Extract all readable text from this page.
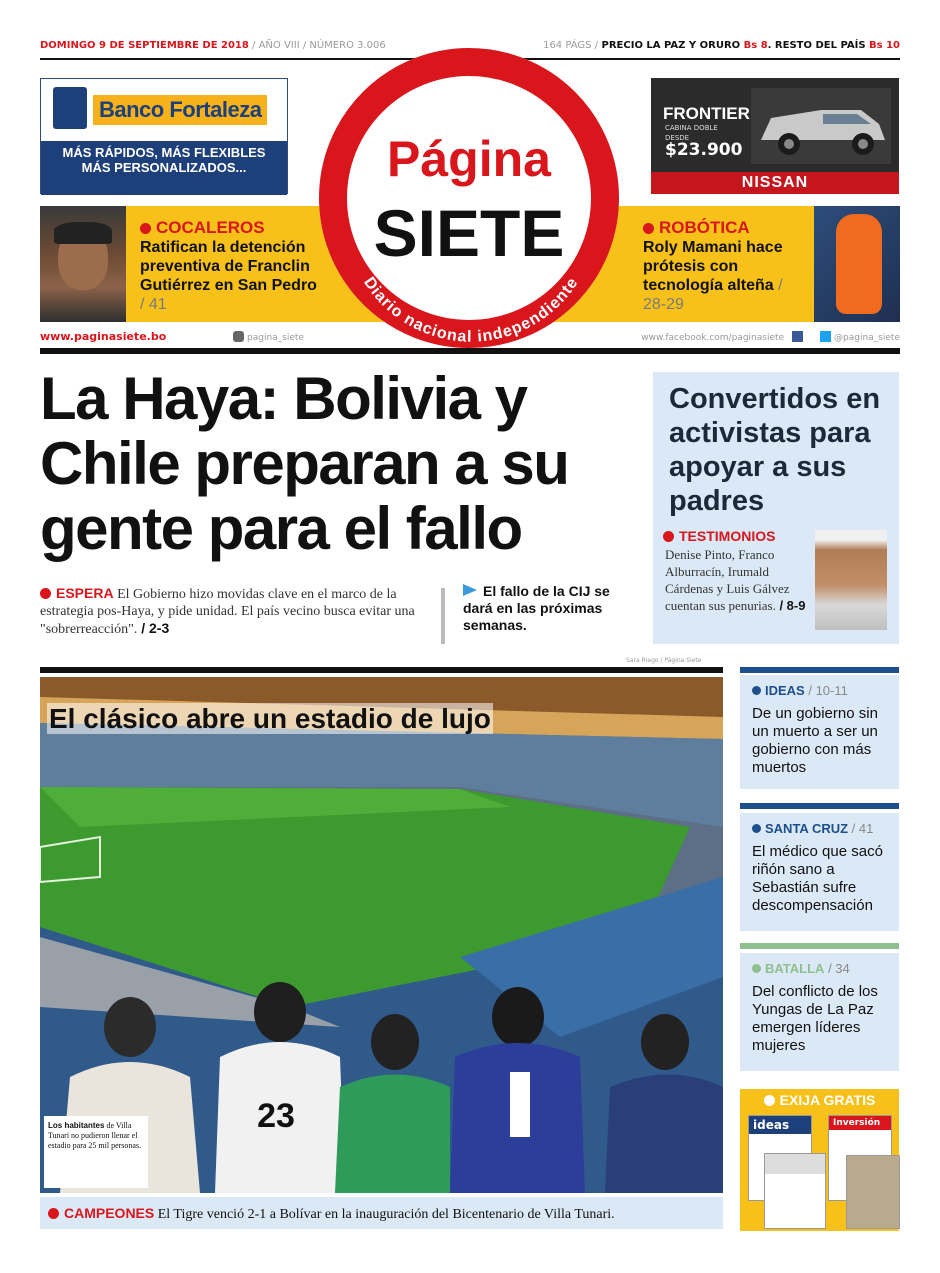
DOMINGO 9 DE SEPTIEMBRE DE 2018 / AÑO VIII / NÚMERO 3.006	164 PÁGS / PRECIO LA PAZ Y ORURO Bs 8. RESTO DEL PAÍS Bs 10
Banco Fortaleza
MÁS RÁPIDOS, MÁS FLEXIBLES
MÁS PERSONALIZADOS...
FRONTIER
CABINA DOBLE
DESDE
$23.900
NISSAN
COCALEROS
Ratifican la detención preventiva de Franclin Gutiérrez en San Pedro / 41
ROBÓTICA
Roly Mamani hace prótesis con tecnología alteña / 28-29
www.paginasiete.bo	pagina_siete	www.facebook.com/paginasiete	@pagina_siete
Página
SIETE
Diario nacional independiente
La Haya: Bolivia y Chile preparan a su gente para el fallo
ESPERA El Gobierno hizo movidas clave en el marco de la estrategia pos-Haya, y pide unidad. El país vecino busca evitar una "sobrerreacción". / 2-3
El fallo de la CIJ se dará en las próximas semanas.
Convertidos en activistas para apoyar a sus padres
TESTIMONIOS
Denise Pinto, Franco Alburracín, Irumald Cárdenas y Luis Gálvez cuentan sus penurias. / 8-9
Sara Riego / Página Siete
23
El clásico abre un estadio de lujo
Los habitantes de Villa Tunari no pudieron llenar el estadio para 25 mil personas.
CAMPEONES El Tigre venció 2-1 a Bolívar en la inauguración del Bicentenario de Villa Tunari.
IDEAS / 10-11
De un gobierno sin un muerto a ser un gobierno con más muertos
SANTA CRUZ / 41
El médico que sacó riñón sano a Sebastián sufre descompensación
BATALLA / 34
Del conflicto de los Yungas de La Paz emergen líderes mujeres
EXIJA GRATIS
ideas	Inversión
